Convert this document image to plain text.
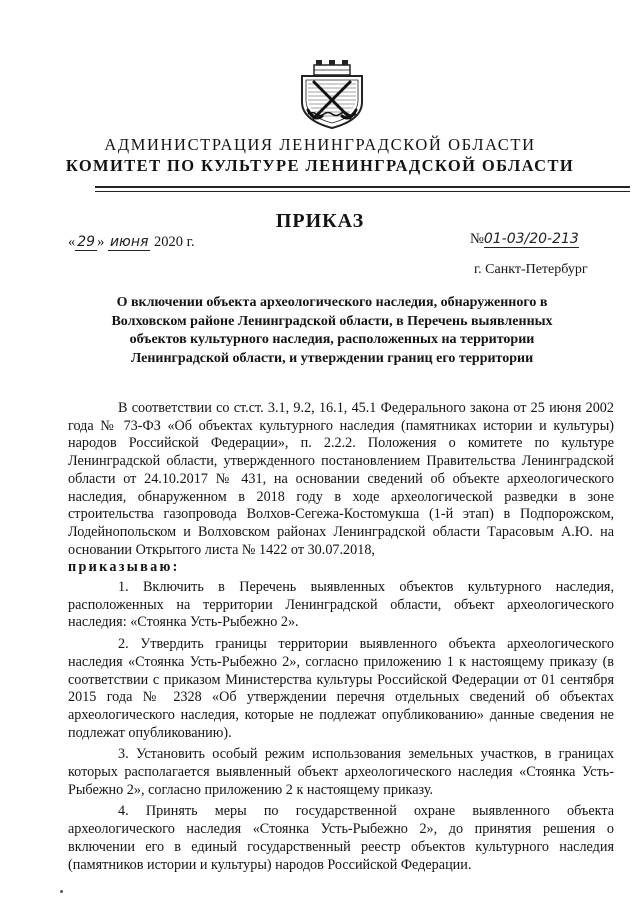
АДМИНИСТРАЦИЯ ЛЕНИНГРАДСКОЙ ОБЛАСТИ
КОМИТЕТ ПО КУЛЬТУРЕ ЛЕНИНГРАДСКОЙ ОБЛАСТИ
ПРИКАЗ
« 29 » июня 2020 г.	№01-03/20-213
г. Санкт-Петербург
О включении объекта археологического наследия, обнаруженного в
Волховском районе Ленинградской области, в Перечень выявленных
объектов культурного наследия, расположенных на территории
Ленинградской области, и утверждении границ его территории

В соответствии со ст.ст. 3.1, 9.2, 16.1, 45.1 Федерального закона от 25 июня 2002 года № 73-ФЗ «Об объектах культурного наследия (памятниках истории и культуры) народов Российской Федерации», п. 2.2.2. Положения о комитете по культуре Ленинградской области, утвержденного постановлением Правительства Ленинградской области от 24.10.2017 № 431, на основании сведений об объекте археологического наследия, обнаруженном в 2018 году в ходе археологической разведки в зоне строительства газопровода Волхов-Сегежа-Костомукша (1-й этап) в Подпорожском, Лодейнопольском и Волховском районах Ленинградской области Тарасовым А.Ю. на основании Открытого листа № 1422 от 30.07.2018,

приказываю:

1. Включить в Перечень выявленных объектов культурного наследия, расположенных на территории Ленинградской области, объект археологического наследия: «Стоянка Усть-Рыбежно 2».

2. Утвердить границы территории выявленного объекта археологического наследия «Стоянка Усть-Рыбежно 2», согласно приложению 1 к настоящему приказу (в соответствии с приказом Министерства культуры Российской Федерации от 01 сентября 2015 года № 2328 «Об утверждении перечня отдельных сведений об объектах археологического наследия, которые не подлежат опубликованию» данные сведения не подлежат опубликованию).

3. Установить особый режим использования земельных участков, в границах которых располагается выявленный объект археологического наследия «Стоянка Усть-Рыбежно 2», согласно приложению 2 к настоящему приказу.

4. Принять меры по государственной охране выявленного объекта археологического наследия «Стоянка Усть-Рыбежно 2», до принятия решения о включении его в единый государственный реестр объектов культурного наследия (памятников истории и культуры) народов Российской Федерации.
